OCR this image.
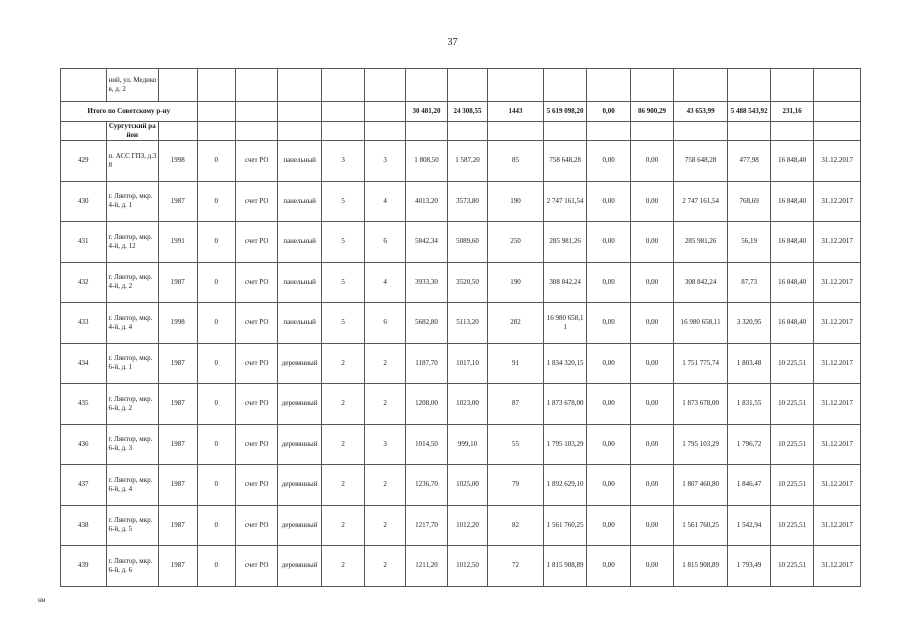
37
	ний, ул. Медико в, д. 2																
Итого по Советскому р-ну								30 481,20	24 308,55	1443	5 619 098,20	0,00	86 900,29	43 653,99	5 488 543,92	231,16	
	Сургутский район																
429	п. АСС ГПЗ, д.38	1998	0	счет РО	панельный	3	3	1 808,50	1 587,20	85	758 648,28	0,00	0,00	758 648,28	477,98	16 848,40	31.12.2017
430	г. Лянтор, мкр. 4-й, д. 1	1987	0	счет РО	панельный	5	4	4013,20	3573,80	190	2 747 161,54	0,00	0,00	2 747 161,54	768,69	16 848,40	31.12.2017
431	г. Лянтор, мкр. 4-й, д. 12	1991	0	счет РО	панельный	5	6	5842,34	5089,60	250	285 981,26	0,00	0,00	285 981,26	56,19	16 848,40	31.12.2017
432	г. Лянтор, мкр. 4-й, д. 2	1987	0	счет РО	панельный	5	4	3933,30	3520,50	190	308 842,24	0,00	0,00	308 842,24	87,73	16 848,40	31.12.2017
433	г. Лянтор, мкр. 4-й, д. 4	1998	0	счет РО	панельный	5	6	5682,80	5113,20	282	16 980 658,11	0,00	0,00	16 980 658,11	3 320,95	16 848,40	31.12.2017
434	г. Лянтор, мкр. 6-й, д. 1	1987	0	счет РО	деревянный	2	2	1187,70	1017,10	91	1 834 320,15	0,00	0,00	1 751 775,74	1 803,48	10 225,51	31.12.2017
435	г. Лянтор, мкр. 6-й, д. 2	1987	0	счет РО	деревянный	2	2	1208,00	1023,00	87	1 873 678,00	0,00	0,00	1 873 678,00	1 831,55	10 225,51	31.12.2017
436	г. Лянтор, мкр. 6-й, д. 3	1987	0	счет РО	деревянный	2	3	1014,50	999,10	55	1 795 103,29	0,00	0,00	1 795 103,29	1 796,72	10 225,51	31.12.2017
437	г. Лянтор, мкр. 6-й, д. 4	1987	0	счет РО	деревянный	2	2	1236,70	1025,00	79	1 892 629,10	0,00	0,00	1 807 460,80	1 846,47	10 225,51	31.12.2017
438	г. Лянтор, мкр. 6-й, д. 5	1987	0	счет РО	деревянный	2	2	1217,70	1012,20	82	1 561 760,25	0,00	0,00	1 561 760,25	1 542,94	10 225,51	31.12.2017
439	г. Лянтор, мкр. 6-й, д. 6	1987	0	счет РО	деревянный	2	2	1211,20	1012,50	72	1 815 908,89	0,00	0,00	1 815 908,89	1 793,49	10 225,51	31.12.2017
ни
